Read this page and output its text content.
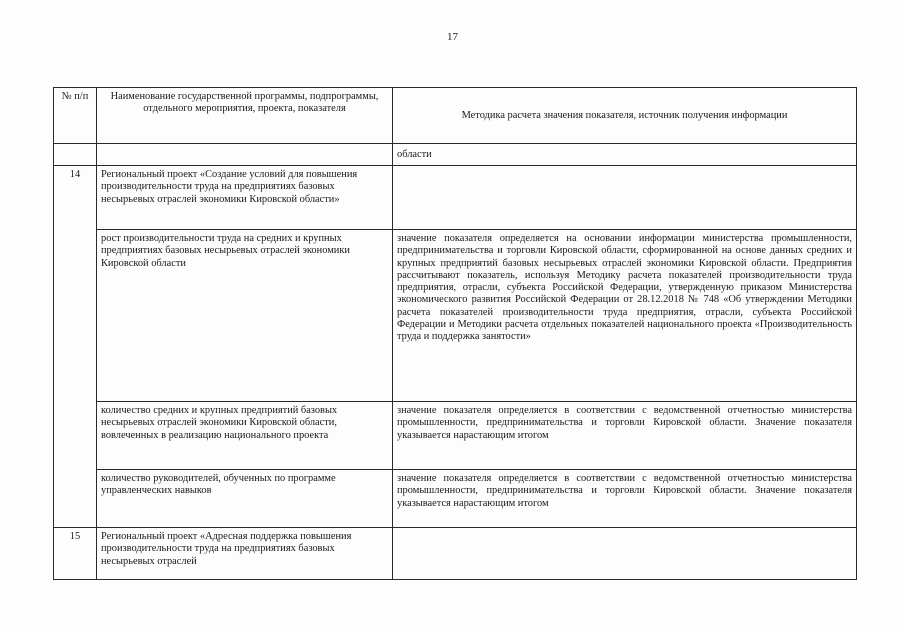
17
№ п/п	Наименование государственной программы, подпрограммы, отдельного мероприятия, проекта, показателя	Методика расчета значения показателя, источник получения информации
		области
14	Региональный проект «Создание условий для повышения производительности труда на предприятиях базовых несырьевых отраслей экономики Кировской области»	
	рост производительности труда на средних и крупных предприятиях базовых несырьевых отраслей экономики Кировской области	значение показателя определяется на основании информации министерства промышленности, предпринимательства и торговли Кировской области, сформированной на основе данных средних и крупных предприятий базовых несырьевых отраслей экономики Кировской области. Предприятия рассчитывают показатель, используя Методику расчета показателей производительности труда предприятия, отрасли, субъекта Российской Федерации, утвержденную приказом Министерства экономического развития Российской Федерации от 28.12.2018 № 748 «Об утверждении Методики расчета показателей производительности труда предприятия, отрасли, субъекта Российской Федерации и Методики расчета отдельных показателей национального проекта «Производительность труда и поддержка занятости»
	количество средних и крупных предприятий базовых несырьевых отраслей экономики Кировской области, вовлеченных в реализацию национального проекта	значение показателя определяется в соответствии с ведомственной отчетностью министерства промышленности, предпринимательства и торговли Кировской области. Значение показателя указывается нарастающим итогом
	количество руководителей, обученных по программе управленческих навыков	значение показателя определяется в соответствии с ведомственной отчетностью министерства промышленности, предпринимательства и торговли Кировской области. Значение показателя указывается нарастающим итогом
15	Региональный проект «Адресная поддержка повышения производительности труда на предприятиях базовых несырьевых отраслей	
